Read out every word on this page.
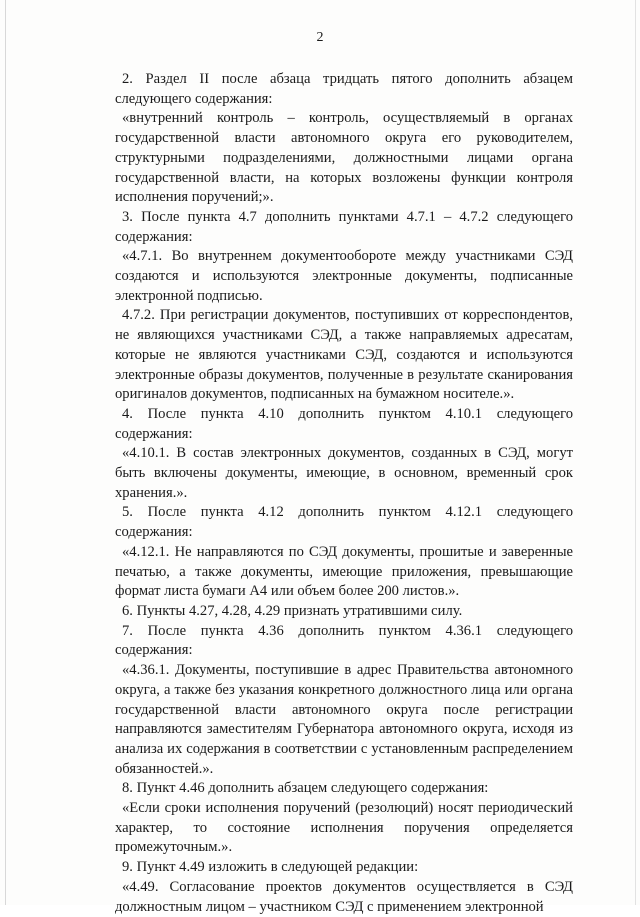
2

2. Раздел II после абзаца тридцать пятого дополнить абзацем следующего содержания:

«внутренний контроль – контроль, осуществляемый в органах государственной власти автономного округа его руководителем, структурными подразделениями, должностными лицами органа государственной власти, на которых возложены функции контроля исполнения поручений;».

3. После пункта 4.7 дополнить пунктами 4.7.1 – 4.7.2 следующего содержания:

«4.7.1. Во внутреннем документообороте между участниками СЭД создаются и используются электронные документы, подписанные электронной подписью.

4.7.2. При регистрации документов, поступивших от корреспондентов, не являющихся участниками СЭД, а также направляемых адресатам, которые не являются участниками СЭД, создаются и используются электронные образы документов, полученные в результате сканирования оригиналов документов, подписанных на бумажном носителе.».

4. После пункта 4.10 дополнить пунктом 4.10.1 следующего содержания:

«4.10.1. В состав электронных документов, созданных в СЭД, могут быть включены документы, имеющие, в основном, временный срок хранения.».

5. После пункта 4.12 дополнить пунктом 4.12.1 следующего содержания:

«4.12.1. Не направляются по СЭД документы, прошитые и заверенные печатью, а также документы, имеющие приложения, превышающие формат листа бумаги А4 или объем более 200 листов.».

6. Пункты 4.27, 4.28, 4.29 признать утратившими силу.

7. После пункта 4.36 дополнить пунктом 4.36.1 следующего содержания:

«4.36.1. Документы, поступившие в адрес Правительства автономного округа, а также без указания конкретного должностного лица или органа государственной власти автономного округа после регистрации направляются заместителям Губернатора автономного округа, исходя из анализа их содержания в соответствии с установленным распределением обязанностей.».

8. Пункт 4.46 дополнить абзацем следующего содержания:

«Если сроки исполнения поручений (резолюций) носят периодический характер, то состояние исполнения поручения определяется промежуточным.».

9. Пункт 4.49 изложить в следующей редакции:

«4.49. Согласование проектов документов осуществляется в СЭД должностным лицом – участником СЭД с применением электронной
